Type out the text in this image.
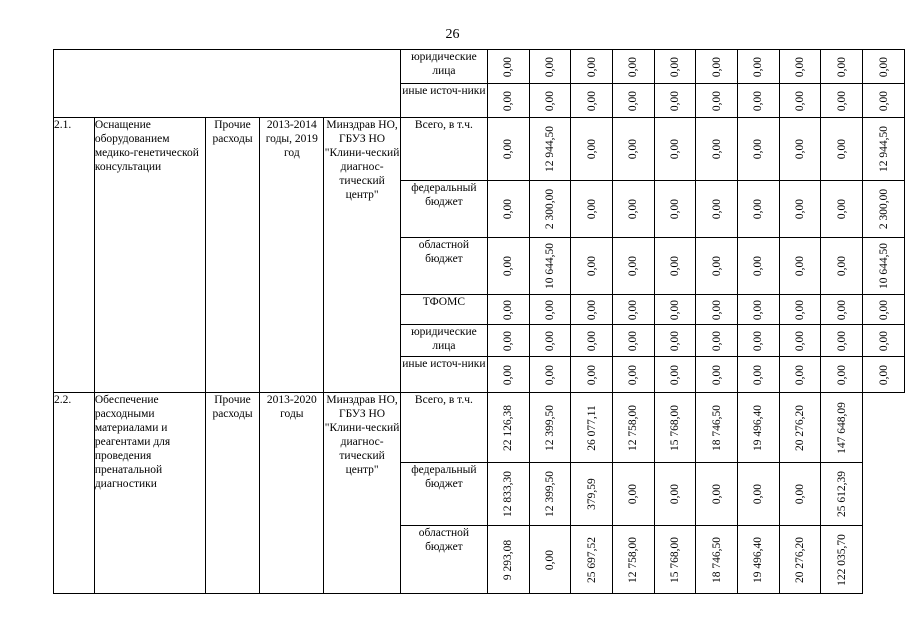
26
					юридические лица	0,00	0,00	0,00	0,00	0,00	0,00	0,00	0,00	0,00	0,00

					иные источ-ники	0,00	0,00	0,00	0,00	0,00	0,00	0,00	0,00	0,00	0,00

2.1.	Оснащение оборудованием медико-генетической консультации	Прочие расходы	2013-2014 годы, 2019 год	Минздрав НО, ГБУЗ НО "Клини-ческий диагнос-тический центр"	Всего, в т.ч.	0,00	12 944,50	0,00	0,00	0,00	0,00	0,00	0,00	0,00	12 944,50

					федеральный бюджет	0,00	2 300,00	0,00	0,00	0,00	0,00	0,00	0,00	0,00	2 300,00

					областной бюджет	0,00	10 644,50	0,00	0,00	0,00	0,00	0,00	0,00	0,00	10 644,50

					ТФОМС	0,00	0,00	0,00	0,00	0,00	0,00	0,00	0,00	0,00	0,00

					юридические лица	0,00	0,00	0,00	0,00	0,00	0,00	0,00	0,00	0,00	0,00

					иные источ-ники	0,00	0,00	0,00	0,00	0,00	0,00	0,00	0,00	0,00	0,00

2.2.	Обеспечение расходными материалами и реагентами для проведения пренатальной диагностики	Прочие расходы	2013-2020 годы	Минздрав НО, ГБУЗ НО "Клини-ческий диагнос-тический центр"	Всего, в т.ч.	22 126,38	12 399,50	26 077,11	12 758,00	15 768,00	18 746,50	19 496,40	20 276,20	147 648,09	

					федеральный бюджет	12 833,30	12 399,50	379,59	0,00	0,00	0,00	0,00	0,00	25 612,39	

					областной бюджет	9 293,08	0,00	25 697,52	12 758,00	15 768,00	18 746,50	19 496,40	20 276,20	122 035,70	
